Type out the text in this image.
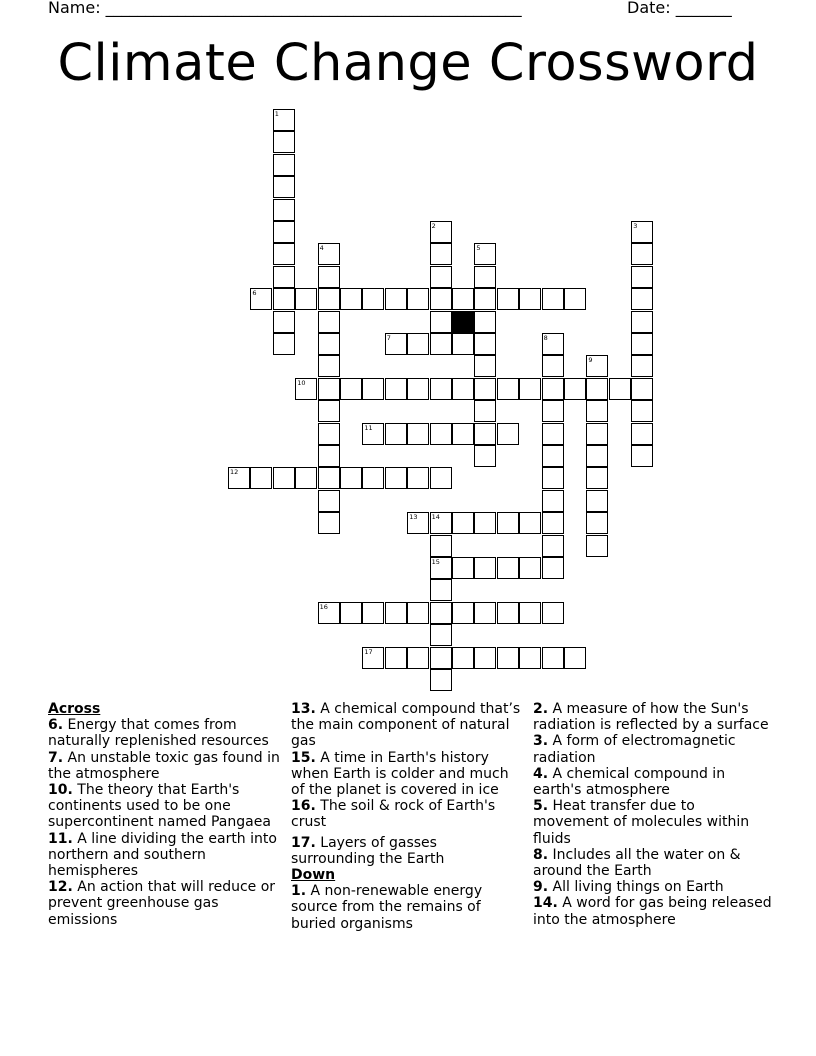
Name: ____________________________________________________	Date: _______
Climate Change Crossword
6
7
10
11
12
13 14
15
16
17
1
2	3
4	5
8
9
Across
6. Energy that comes from naturally replenished resources
7. An unstable toxic gas found in the atmosphere
10. The theory that Earth's continents used to be one supercontinent named Pangaea
11. A line dividing the earth into northern and southern hemispheres
12. An action that will reduce or prevent greenhouse gas emissions
13. A chemical compound that’s the main component of natural gas
15. A time in Earth's history when Earth is colder and much of the planet is covered in ice
16. The soil & rock of Earth's crust
17. Layers of gasses surrounding the Earth
Down
1. A non-renewable energy source from the remains of buried organisms
2. A measure of how the Sun's radiation is reflected by a surface
3. A form of electromagnetic radiation
4. A chemical compound in earth's atmosphere
5. Heat transfer due to movement of molecules within fluids
8. Includes all the water on & around the Earth
9. All living things on Earth
14. A word for gas being released into the atmosphere
